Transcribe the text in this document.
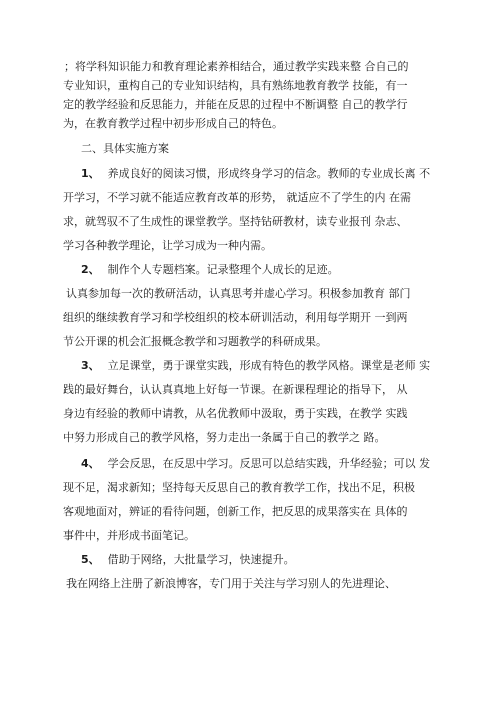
；将学科知识能力和教育理论素养相结合，通过教学实践来整 合自己的
专业知识，重构自己的专业知识结构，具有熟练地教育教学 技能，有一
定的教学经验和反思能力，并能在反思的过程中不断调整 自己的教学行
为，在教育教学过程中初步形成自己的特色。
二、具体实施方案
1、 养成良好的阅读习惯，形成终身学习的信念。教师的专业成长离 不
开学习，不学习就不能适应教育改革的形势， 就适应不了学生的内 在需
求，就驾驭不了生成性的课堂教学。坚持钻研教材，读专业报刊 杂志、
学习各种教学理论，让学习成为一种内需。
2、 制作个人专题档案。记录整理个人成长的足迹。
认真参加每一次的教研活动，认真思考并虚心学习。积极参加教育 部门
组织的继续教育学习和学校组织的校本研训活动，利用每学期开 一到两
节公开课的机会汇报概念教学和习题教学的科研成果。
3、 立足课堂，勇于课堂实践，形成有特色的教学风格。课堂是老师 实
践的最好舞台，认认真真地上好每一节课。在新课程理论的指导下， 从
身边有经验的教师中请教，从名优教师中汲取，勇于实践，在教学 实践
中努力形成自己的教学风格，努力走出一条属于自己的教学之 路。
4、 学会反思，在反思中学习。反思可以总结实践，升华经验；可以 发
现不足，渴求新知；坚持每天反思自己的教育教学工作，找出不足，积极
客观地面对，辨证的看待问题，创新工作，把反思的成果落实在 具体的
事件中，并形成书面笔记。
5、 借助于网络，大批量学习，快速提升。
我在网络上注册了新浪博客，专门用于关注与学习别人的先进理论、
